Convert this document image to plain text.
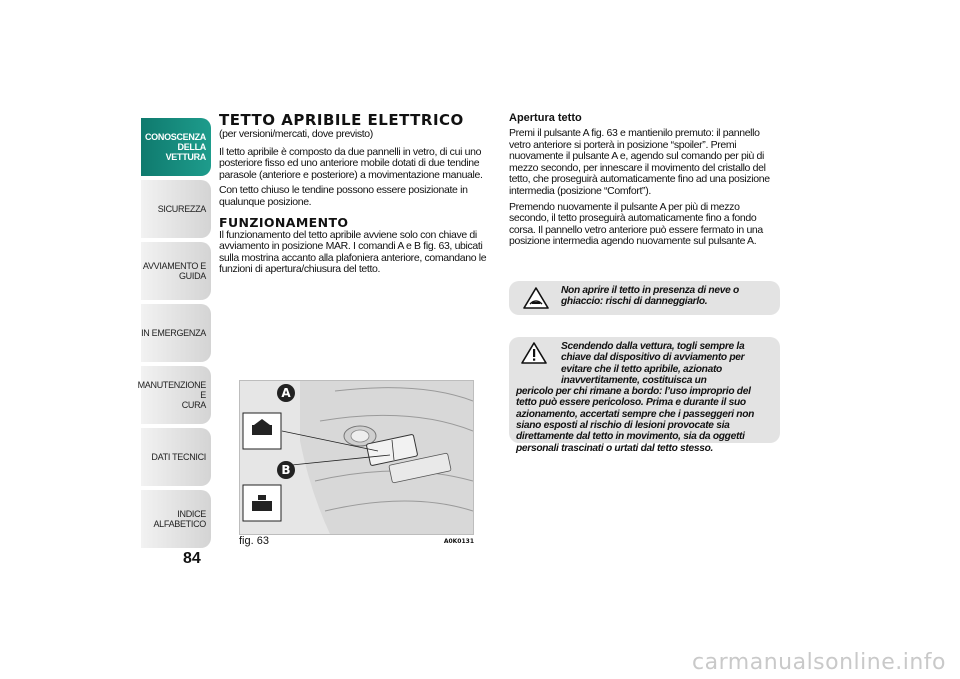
CONOSCENZA
DELLA VETTURA
SICUREZZA
AVVIAMENTO E
GUIDA
IN EMERGENZA
MANUTENZIONE E
CURA
DATI TECNICI
INDICE ALFABETICO
84
TETTO APRIBILE ELETTRICO

(per versioni/mercati, dove previsto)

Il tetto apribile è composto da due pannelli in vetro, di cui uno posteriore fisso ed uno anteriore mobile dotati di due tendine parasole (anteriore e posteriore) a movimentazione manuale.

Con tetto chiuso le tendine possono essere posizionate in qualunque posizione.

FUNZIONAMENTO

Il funzionamento del tetto apribile avviene solo con chiave di avviamento in posizione MAR. I comandi A e B fig. 63, ubicati sulla mostrina accanto alla plafoniera anteriore, comandano le funzioni di apertura/chiusura del tetto.

A
B
fig. 63	A0K0131
Apertura tetto

Premi il pulsante A fig. 63 e mantienilo premuto: il pannello vetro anteriore si porterà in posizione “spoiler”. Premi nuovamente il pulsante A e, agendo sul comando per più di mezzo secondo, per innescare il movimento del cristallo del tetto, che proseguirà automaticamente fino ad una posizione intermedia (posizione “Comfort”).

Premendo nuovamente il pulsante A per più di mezzo secondo, il tetto proseguirà automaticamente fino a fondo corsa. Il pannello vetro anteriore può essere fermato in una posizione intermedia agendo nuovamente sul pulsante A.

Non aprire il tetto in presenza di neve o ghiaccio: rischi di danneggiarlo.
Scendendo dalla vettura, togli sempre la chiave dal dispositivo di avviamento per evitare che il tetto apribile, azionato inavvertitamente, costituisca un
pericolo per chi rimane a bordo: l’uso improprio del tetto può essere pericoloso. Prima e durante il suo azionamento, accertati sempre che i passeggeri non siano esposti al rischio di lesioni provocate sia direttamente dal tetto in movimento, sia da oggetti personali trascinati o urtati dal tetto stesso.
carmanualsonline.info
